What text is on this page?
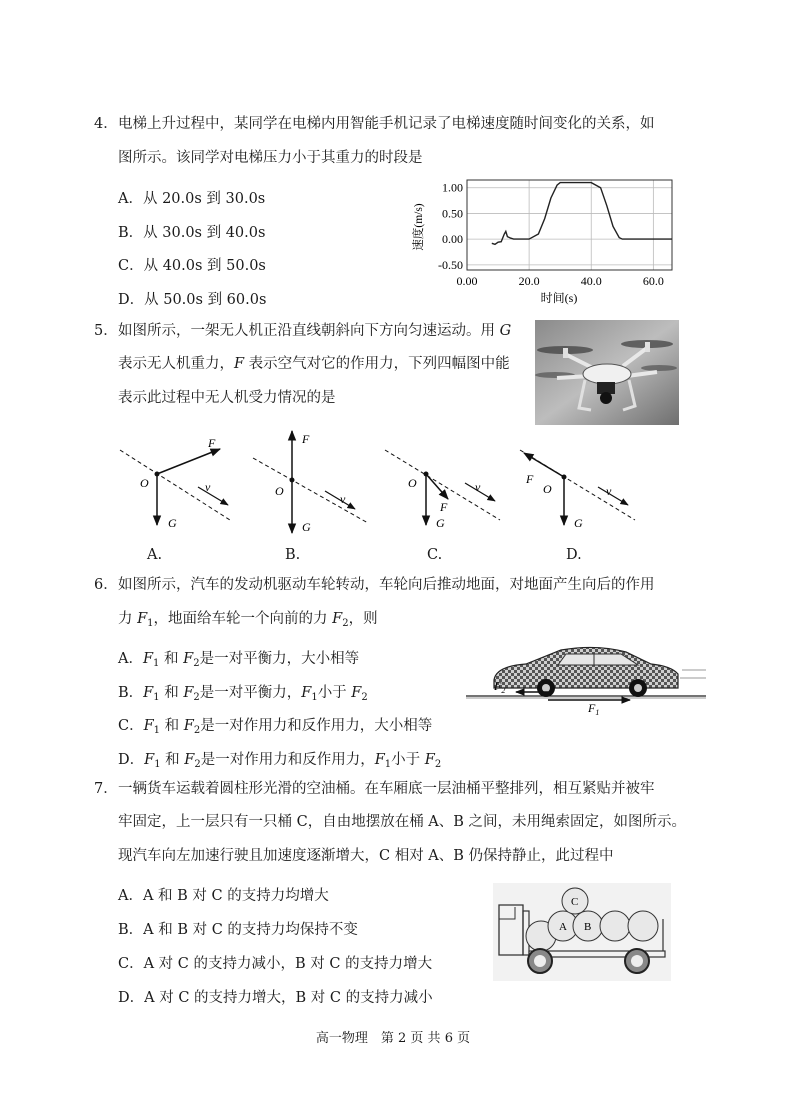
4． 电梯上升过程中，某同学在电梯内用智能手机记录了电梯速度随时间变化的关系，如
图所示。该同学对电梯压力小于其重力的时段是
A．从 20.0s 到 30.0s
B．从 30.0s 到 40.0s
C．从 40.0s 到 50.0s
D．从 50.0s 到 60.0s
1.00
0.50
0.00
-0.50
0.00	20.0	40.0	60.0
速度(m/s)
时间(s)
5． 如图所示，一架无人机正沿直线朝斜向下方向匀速运动。用 G
表示无人机重力，F 表示空气对它的作用力，下列四幅图中能
表示此过程中无人机受力情况的是
O
F
G
v	O
F
G
v
O
F
G
v
F
O
G
v
A.	B.	C.	D.
6． 如图所示，汽车的发动机驱动车轮转动，车轮向后推动地面，对地面产生向后的作用
力 $F_1$，地面给车轮一个向前的力 $F_2$，则
A．$F_1$ 和 $F_2$是一对平衡力，大小相等
B．$F_1$ 和 $F_2$是一对平衡力，$F_1$小于 $F_2$
C．$F_1$ 和 $F_2$是一对作用力和反作用力，大小相等
D．$F_1$ 和 $F_2$是一对作用力和反作用力，$F_1$小于 $F_2$
$F_2$
$F_1$
7． 一辆货车运载着圆柱形光滑的空油桶。在车厢底一层油桶平整排列，相互紧贴并被牢
牢固定，上一层只有一只桶 C，自由地摆放在桶 A、B 之间，未用绳索固定，如图所示。
现汽车向左加速行驶且加速度逐渐增大，C 相对 A、B 仍保持静止，此过程中
A．A 和 B 对 C 的支持力均增大
B．A 和 B 对 C 的支持力均保持不变
C．A 对 C 的支持力减小，B 对 C 的支持力增大
D．A 对 C 的支持力增大，B 对 C 的支持力减小
A B
C
高一物理　第 2 页 共 6 页
